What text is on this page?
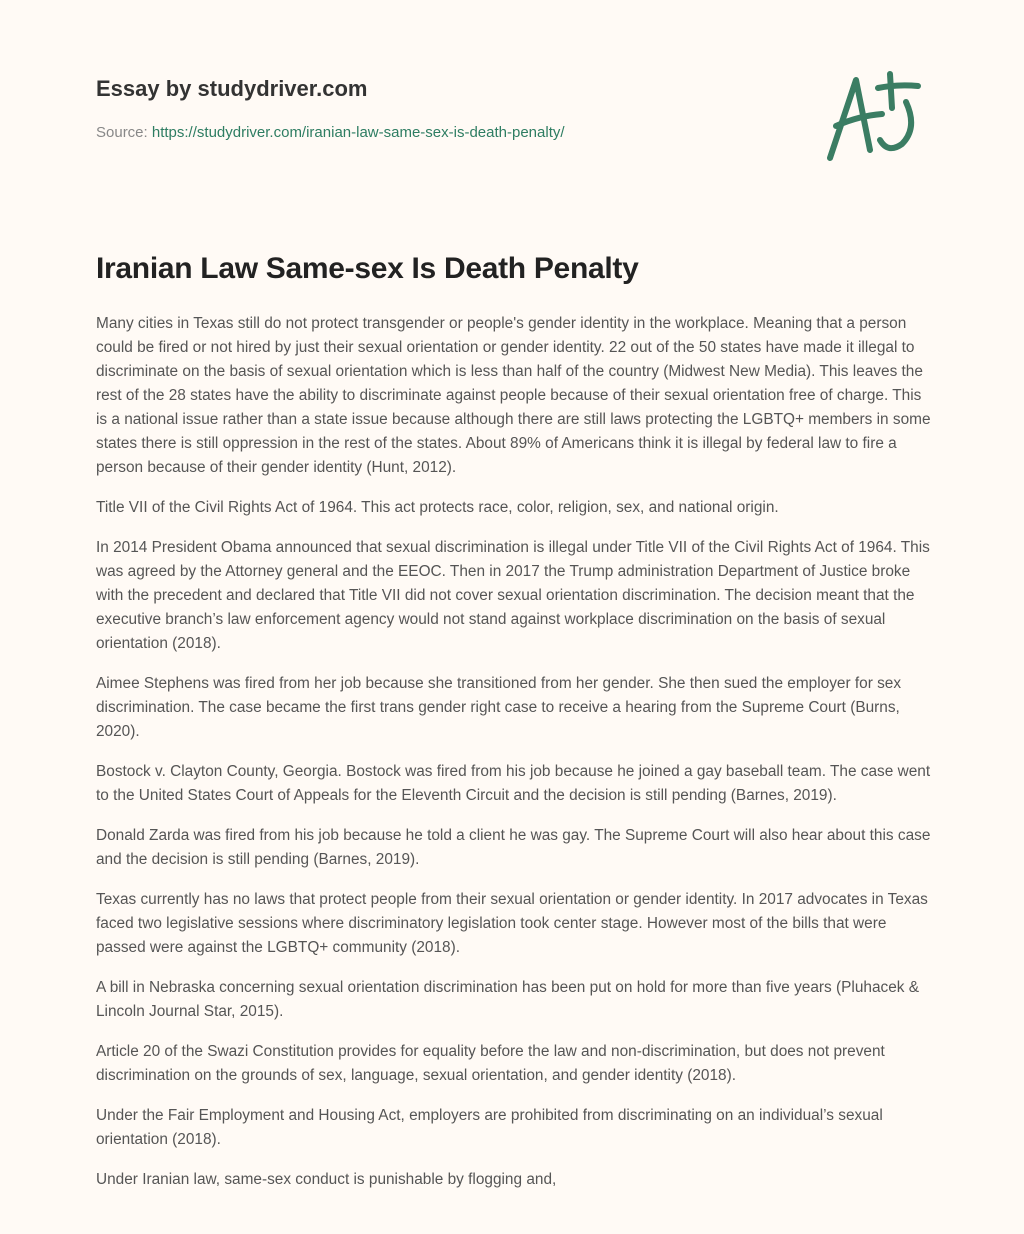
Essay by studydriver.com
Source: https://studydriver.com/iranian-law-same-sex-is-death-penalty/
Iranian Law Same-sex Is Death Penalty

Many cities in Texas still do not protect transgender or people's gender identity in the workplace. Meaning that a person could be fired or not hired by just their sexual orientation or gender identity. 22 out of the 50 states have made it illegal to discriminate on the basis of sexual orientation which is less than half of the country (Midwest New Media). This leaves the rest of the 28 states have the ability to discriminate against people because of their sexual orientation free of charge. This is a national issue rather than a state issue because although there are still laws protecting the LGBTQ+ members in some states there is still oppression in the rest of the states. About 89% of Americans think it is illegal by federal law to fire a person because of their gender identity (Hunt, 2012).

Title VII of the Civil Rights Act of 1964. This act protects race, color, religion, sex, and national origin.

In 2014 President Obama announced that sexual discrimination is illegal under Title VII of the Civil Rights Act of 1964. This was agreed by the Attorney general and the EEOC. Then in 2017 the Trump administration Department of Justice broke with the precedent and declared that Title VII did not cover sexual orientation discrimination. The decision meant that the executive branch’s law enforcement agency would not stand against workplace discrimination on the basis of sexual orientation (2018).

Aimee Stephens was fired from her job because she transitioned from her gender. She then sued the employer for sex discrimination. The case became the first trans gender right case to receive a hearing from the Supreme Court (Burns, 2020).

Bostock v. Clayton County, Georgia. Bostock was fired from his job because he joined a gay baseball team. The case went to the United States Court of Appeals for the Eleventh Circuit and the decision is still pending (Barnes, 2019).

Donald Zarda was fired from his job because he told a client he was gay. The Supreme Court will also hear about this case and the decision is still pending (Barnes, 2019).

Texas currently has no laws that protect people from their sexual orientation or gender identity. In 2017 advocates in Texas faced two legislative sessions where discriminatory legislation took center stage. However most of the bills that were passed were against the LGBTQ+ community (2018).

A bill in Nebraska concerning sexual orientation discrimination has been put on hold for more than five years (Pluhacek & Lincoln Journal Star, 2015).

Article 20 of the Swazi Constitution provides for equality before the law and non-discrimination, but does not prevent discrimination on the grounds of sex, language, sexual orientation, and gender identity (2018).

Under the Fair Employment and Housing Act, employers are prohibited from discriminating on an individual’s sexual orientation (2018).

Under Iranian law, same-sex conduct is punishable by flogging and,
